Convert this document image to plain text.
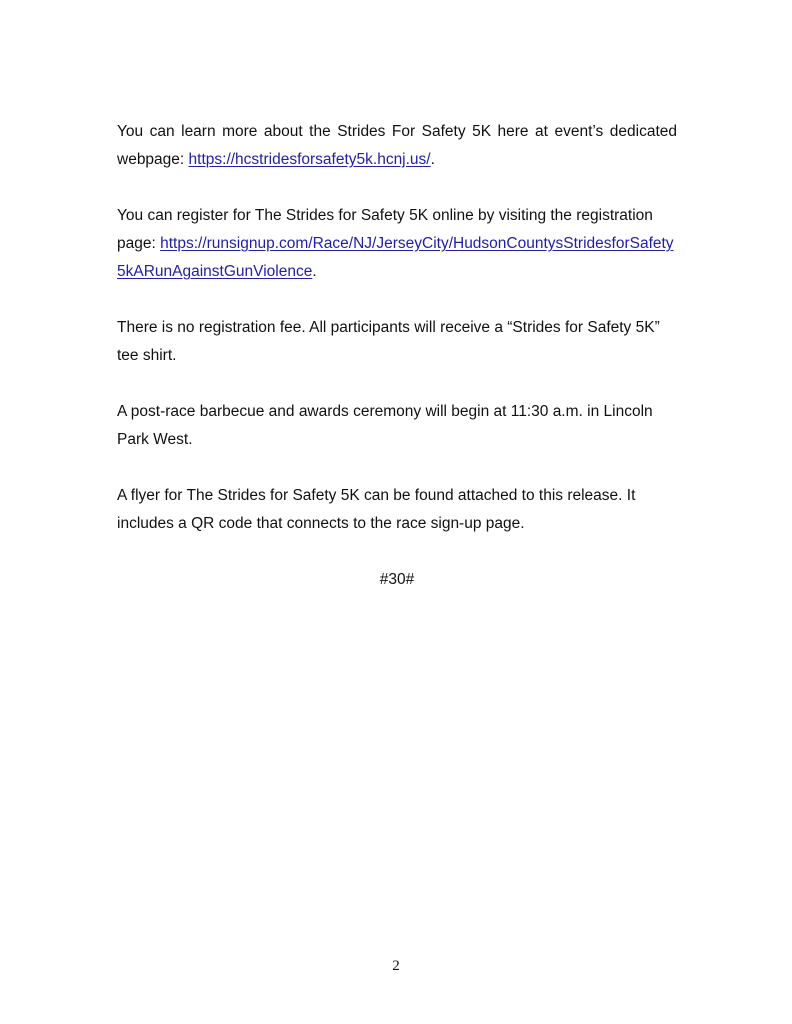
You can learn more about the Strides For Safety 5K here at event’s dedicated webpage: https://hcstridesforsafety5k.hcnj.us/.

You can register for The Strides for Safety 5K online by visiting the registration page: https://runsignup.com/Race/NJ/JerseyCity/HudsonCountysStridesforSafety5kARunAgainstGunViolence.

There is no registration fee. All participants will receive a “Strides for Safety 5K” tee shirt.

A post-race barbecue and awards ceremony will begin at 11:30 a.m. in Lincoln Park West.

A flyer for The Strides for Safety 5K can be found attached to this release. It includes a QR code that connects to the race sign-up page.

#30#

2
